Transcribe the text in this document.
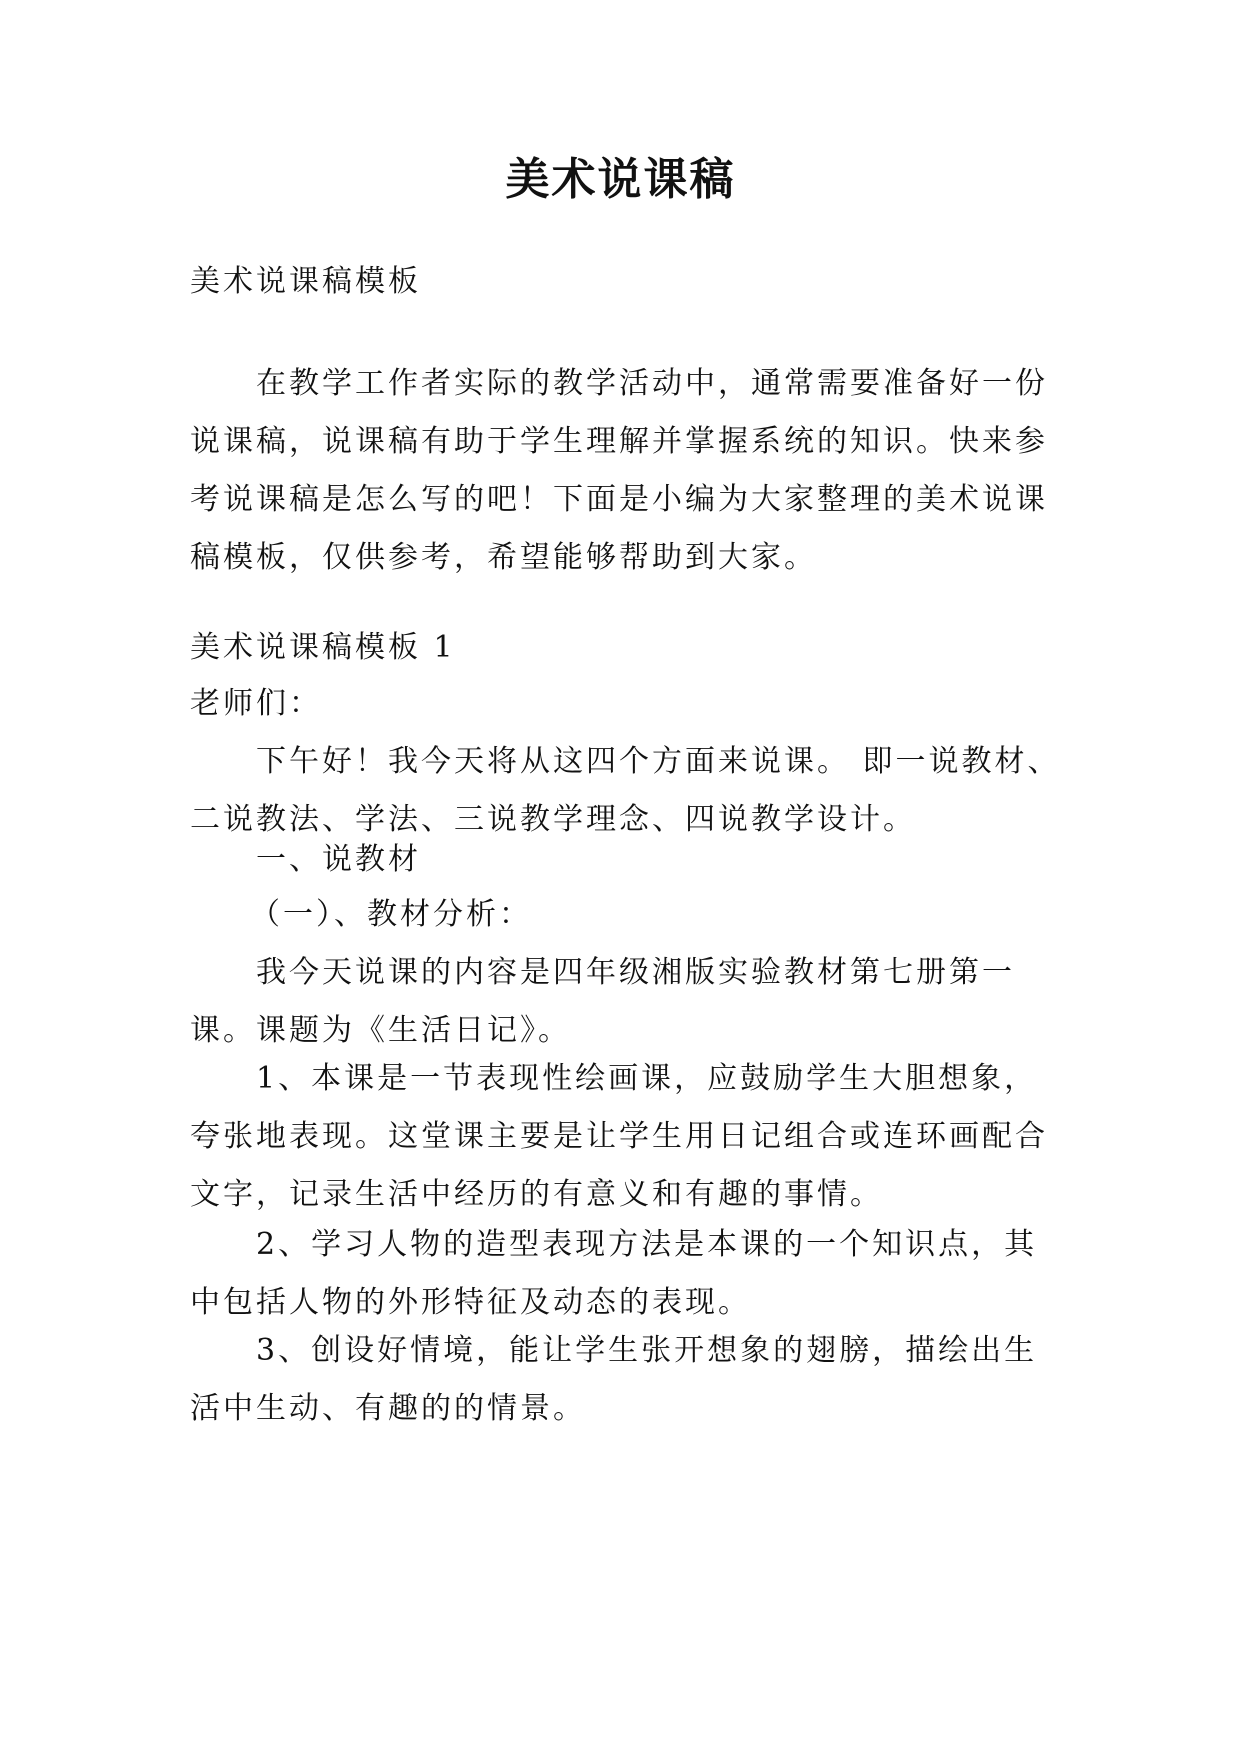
美术说课稿

美术说课稿模板

在教学工作者实际的教学活动中，通常需要准备好一份说课稿，说课稿有助于学生理解并掌握系统的知识。快来参考说课稿是怎么写的吧！下面是小编为大家整理的美术说课稿模板，仅供参考，希望能够帮助到大家。

美术说课稿模板 1

老师们：

下午好！我今天将从这四个方面来说课。 即一说教材、二说教法、学法、三说教学理念、四说教学设计。

一、说教材

（一）、教材分析：

我今天说课的内容是四年级湘版实验教材第七册第一课。课题为《生活日记》。

1、本课是一节表现性绘画课，应鼓励学生大胆想象，夸张地表现。这堂课主要是让学生用日记组合或连环画配合文字，记录生活中经历的有意义和有趣的事情。

2、学习人物的造型表现方法是本课的一个知识点，其中包括人物的外形特征及动态的表现。

3、创设好情境，能让学生张开想象的翅膀，描绘出生活中生动、有趣的的情景。
